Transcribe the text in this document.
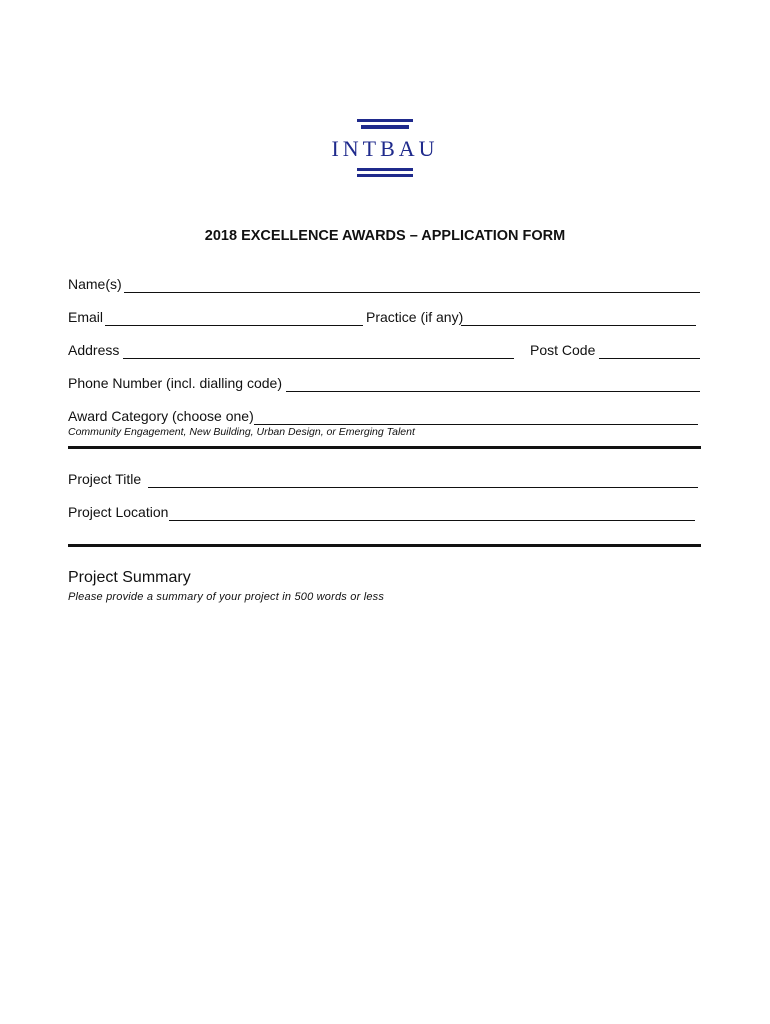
INTBAU
2018 EXCELLENCE AWARDS – APPLICATION FORM
Name(s)
Email	Practice (if any)
Address	Post Code
Phone Number (incl. dialling code)
Award Category (choose one)
Community Engagement, New Building, Urban Design, or Emerging Talent
Project Title
Project Location
Project Summary
Please provide a summary of your project in 500 words or less
